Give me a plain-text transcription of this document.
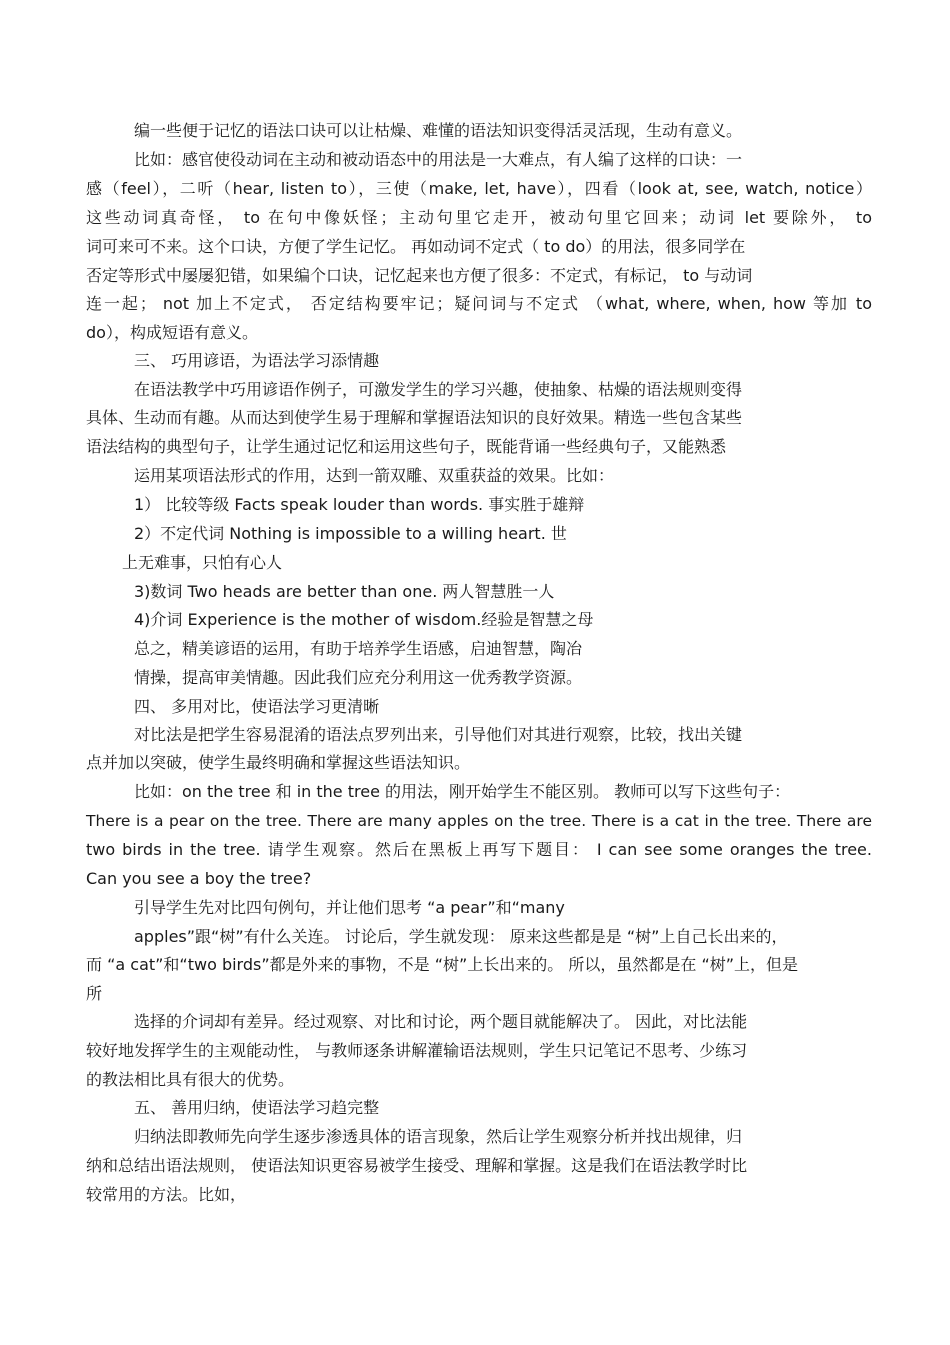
编一些便于记忆的语法口诀可以让枯燥、难懂的语法知识变得活灵活现，生动有意义。
比如：感官使役动词在主动和被动语态中的用法是一大难点，有人编了这样的口诀：一
感（feel），二听（hear, listen to），三使（make, let, have），四看（look at, see, watch, notice）
这些动词真奇怪， to 在句中像妖怪；主动句里它走开，被动句里它回来；动词 let 要除外， to
词可来可不来。这个口诀，方便了学生记忆。 再如动词不定式（ to do）的用法，很多同学在
否定等形式中屡屡犯错，如果编个口诀，记忆起来也方便了很多：不定式，有标记， to 与动词
连一起； not 加上不定式， 否定结构要牢记；疑问词与不定式 （what, where, when, how 等加 to
do），构成短语有意义。
三、 巧用谚语，为语法学习添情趣
在语法教学中巧用谚语作例子，可激发学生的学习兴趣，使抽象、枯燥的语法规则变得
具体、生动而有趣。从而达到使学生易于理解和掌握语法知识的良好效果。精选一些包含某些
语法结构的典型句子，让学生通过记忆和运用这些句子，既能背诵一些经典句子，又能熟悉
运用某项语法形式的作用，达到一箭双雕、双重获益的效果。比如：
1） 比较等级 Facts speak louder than words. 事实胜于雄辩
2）不定代词 Nothing is impossible to a willing heart. 世
上无难事，只怕有心人
3)数词 Two heads are better than one. 两人智慧胜一人
4)介词 Experience is the mother of wisdom.经验是智慧之母
总之，精美谚语的运用，有助于培养学生语感，启迪智慧，陶冶
情操，提高审美情趣。因此我们应充分利用这一优秀教学资源。
四、 多用对比，使语法学习更清晰
对比法是把学生容易混淆的语法点罗列出来，引导他们对其进行观察，比较，找出关键
点并加以突破，使学生最终明确和掌握这些语法知识。
比如：on the tree 和 in the tree 的用法，刚开始学生不能区别。 教师可以写下这些句子：
There is a pear on the tree. There are many apples on the tree. There is a cat in the tree. There are
two birds in the tree. 请学生观察。然后在黑板上再写下题目： I can see some oranges the tree.
Can you see a boy the tree?
引导学生先对比四句例句，并让他们思考 “a pear”和“many
apples”跟“树”有什么关连。 讨论后，学生就发现： 原来这些都是是 “树”上自己长出来的，
而 “a cat”和“two birds”都是外来的事物，不是 “树”上长出来的。 所以，虽然都是在 “树”上，但是
所
选择的介词却有差异。经过观察、对比和讨论，两个题目就能解决了。 因此，对比法能
较好地发挥学生的主观能动性， 与教师逐条讲解灌输语法规则，学生只记笔记不思考、少练习
的教法相比具有很大的优势。
五、 善用归纳，使语法学习趋完整
归纳法即教师先向学生逐步渗透具体的语言现象，然后让学生观察分析并找出规律，归
纳和总结出语法规则， 使语法知识更容易被学生接受、理解和掌握。这是我们在语法教学时比
较常用的方法。比如，
